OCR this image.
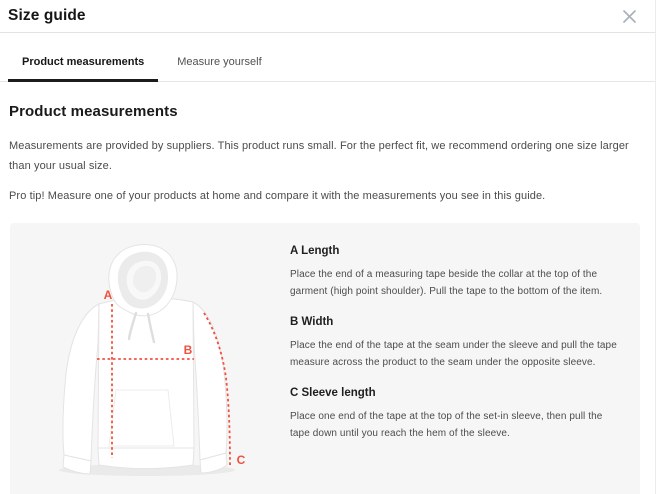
Size guide
Product measurements	Measure yourself
Product measurements

Measurements are provided by suppliers. This product runs small. For the perfect fit, we recommend ordering one size larger than your usual size.

Pro tip! Measure one of your products at home and compare it with the measurements you see in this guide.

A
B
C
A Length

Place the end of a measuring tape beside the collar at the top of the garment (high point shoulder). Pull the tape to the bottom of the item.

B Width

Place the end of the tape at the seam under the sleeve and pull the tape measure across the product to the seam under the opposite sleeve.

C Sleeve length

Place one end of the tape at the top of the set-in sleeve, then pull the tape down until you reach the hem of the sleeve.
